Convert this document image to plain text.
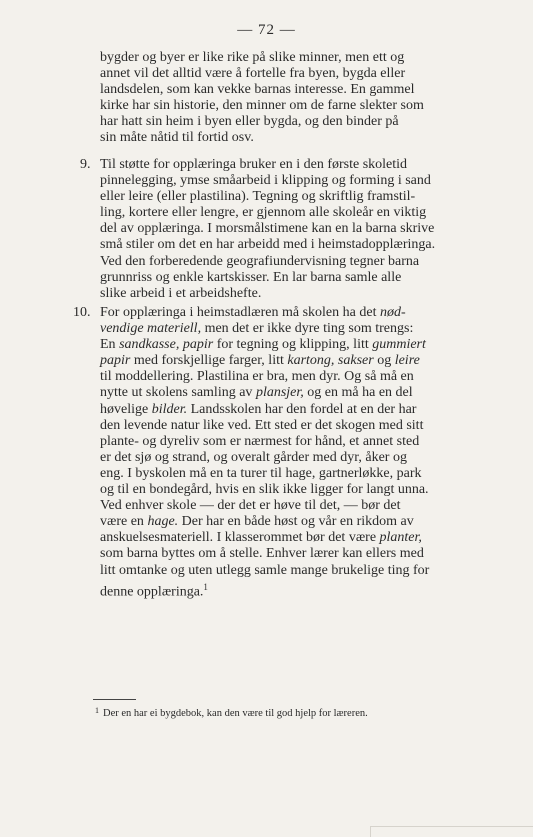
— 72 —
bygder og byer er like rike på slike minner, men ett og
annet vil det alltid være å fortelle fra byen, bygda eller
landsdelen, som kan vekke barnas interesse. En gammel
kirke har sin historie, den minner om de farne slekter som
har hatt sin heim i byen eller bygda, og den binder på
sin måte nåtid til fortid osv.
9. Til støtte for opplæringa bruker en i den første skoletid
pinnelegging, ymse småarbeid i klipping og forming i sand
eller leire (eller plastilina). Tegning og skriftlig framstil-
ling, kortere eller lengre, er gjennom alle skoleår en viktig
del av opplæringa. I morsmålstimene kan en la barna skrive
små stiler om det en har arbeidd med i heimstadopplæringa.
Ved den forberedende geografiundervisning tegner barna
grunnriss og enkle kartskisser. En lar barna samle alle
slike arbeid i et arbeidshefte.
10. For opplæringa i heimstadlæren må skolen ha det nød-
vendige materiell, men det er ikke dyre ting som trengs:
En sandkasse, papir for tegning og klipping, litt gummiert
papir med forskjellige farger, litt kartong, sakser og leire
til moddellering. Plastilina er bra, men dyr. Og så må en
nytte ut skolens samling av plansjer, og en må ha en del
høvelige bilder. Landsskolen har den fordel at en der har
den levende natur like ved. Ett sted er det skogen med sitt
plante- og dyreliv som er nærmest for hånd, et annet sted
er det sjø og strand, og overalt gårder med dyr, åker og
eng. I byskolen må en ta turer til hage, gartnerløkke, park
og til en bondegård, hvis en slik ikke ligger for langt unna.
Ved enhver skole — der det er høve til det, — bør det
være en hage. Der har en både høst og vår en rikdom av
anskuelsesmateriell. I klasserommet bør det være planter,
som barna byttes om å stelle. Enhver lærer kan ellers med
litt omtanke og uten utlegg samle mange brukelige ting for
denne opplæringa.$^1$
$^1$ Der en har ei bygdebok, kan den være til god hjelp for læreren.
